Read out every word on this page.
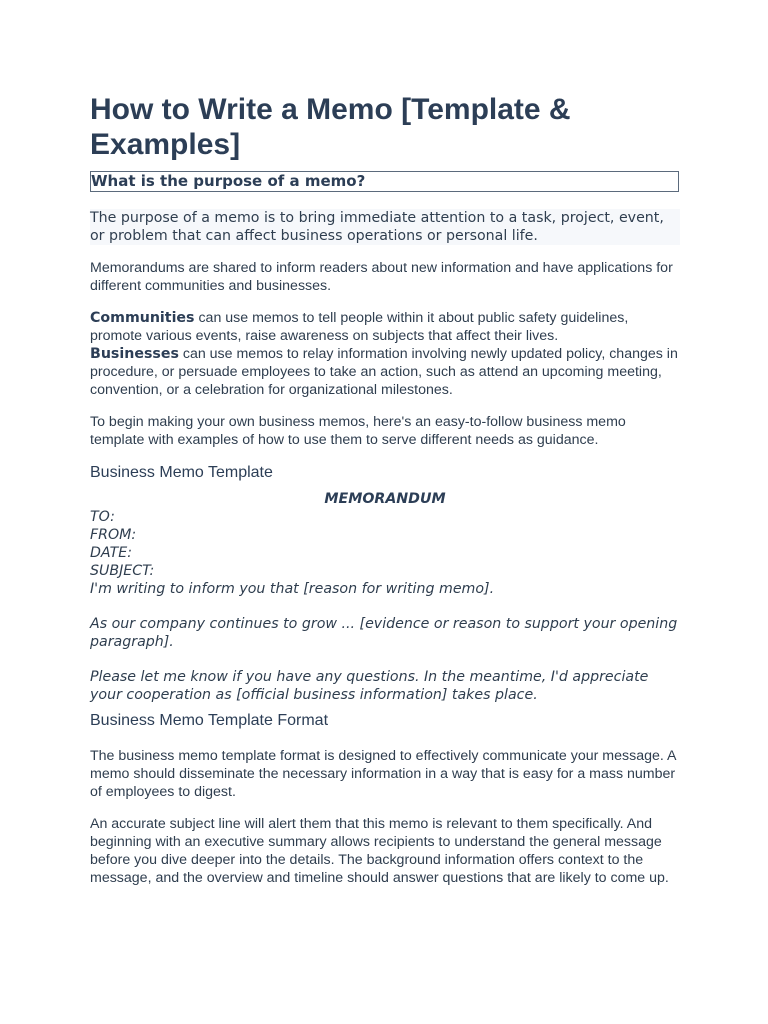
How to Write a Memo [Template & Examples]
What is the purpose of a memo?

The purpose of a memo is to bring immediate attention to a task, project, event, or problem that can affect business operations or personal life.

Memorandums are shared to inform readers about new information and have applications for different communities and businesses.

Communities can use memos to tell people within it about public safety guidelines, promote various events, raise awareness on subjects that affect their lives.
Businesses can use memos to relay information involving newly updated policy, changes in procedure, or persuade employees to take an action, such as attend an upcoming meeting, convention, or a celebration for organizational milestones.

To begin making your own business memos, here's an easy-to-follow business memo template with examples of how to use them to serve different needs as guidance.

Business Memo Template

MEMORANDUM

TO:

FROM:

DATE:

SUBJECT:

I'm writing to inform you that [reason for writing memo].

As our company continues to grow ... [evidence or reason to support your opening paragraph].

Please let me know if you have any questions. In the meantime, I'd appreciate your cooperation as [official business information] takes place.

Business Memo Template Format

The business memo template format is designed to effectively communicate your message. A memo should disseminate the necessary information in a way that is easy for a mass number of employees to digest.

An accurate subject line will alert them that this memo is relevant to them specifically. And beginning with an executive summary allows recipients to understand the general message before you dive deeper into the details. The background information offers context to the message, and the overview and timeline should answer questions that are likely to come up.
